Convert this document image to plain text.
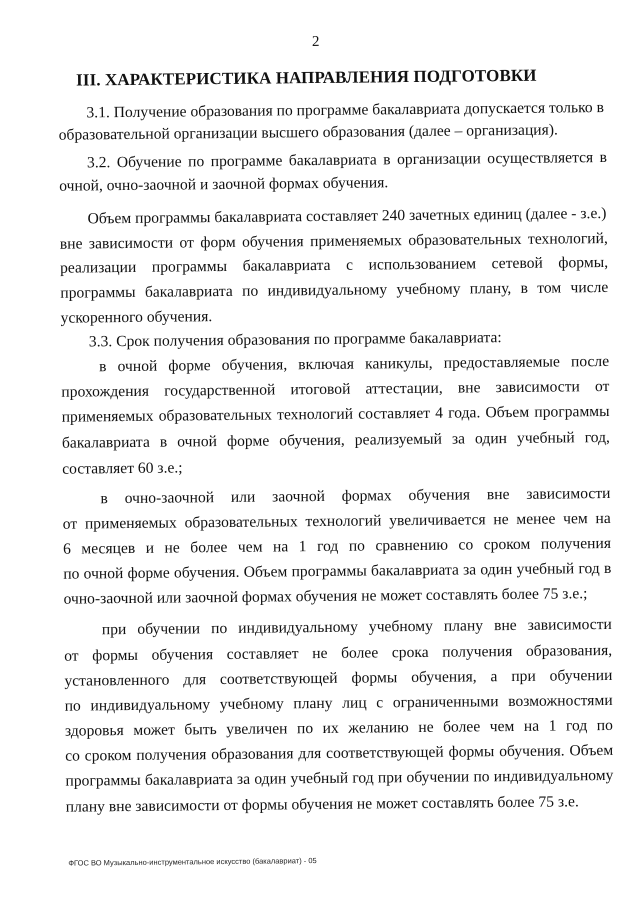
2
III. ХАРАКТЕРИСТИКА НАПРАВЛЕНИЯ ПОДГОТОВКИ
3.1. Получение образования по программе бакалавриата допускается только в
образовательной организации высшего образования (далее – организация).
3.2. Обучение по программе бакалавриата в организации осуществляется в
очной, очно-заочной и заочной формах обучения.
Объем программы бакалавриата составляет 240 зачетных единиц (далее - з.е.)
вне зависимости от форм обучения применяемых образовательных технологий,
реализации программы бакалавриата с использованием сетевой формы,
программы бакалавриата по индивидуальному учебному плану, в том числе
ускоренного обучения.
3.3. Срок получения образования по программе бакалавриата:
в очной форме обучения, включая каникулы, предоставляемые после
прохождения государственной итоговой аттестации, вне зависимости от
применяемых образовательных технологий составляет 4 года. Объем программы
бакалавриата в очной форме обучения, реализуемый за один учебный год,
составляет 60 з.е.;
в очно-заочной или заочной формах обучения вне зависимости
от применяемых образовательных технологий увеличивается не менее чем на
6 месяцев и не более чем на 1 год по сравнению со сроком получения
по очной форме обучения. Объем программы бакалавриата за один учебный год в
очно-заочной или заочной формах обучения не может составлять более 75 з.е.;
при обучении по индивидуальному учебному плану вне зависимости
от формы обучения составляет не более срока получения образования,
установленного для соответствующей формы обучения, а при обучении
по индивидуальному учебному плану лиц с ограниченными возможностями
здоровья может быть увеличен по их желанию не более чем на 1 год по
со сроком получения образования для соответствующей формы обучения. Объем
программы бакалавриата за один учебный год при обучении по индивидуальному
плану вне зависимости от формы обучения не может составлять более 75 з.е.
ФГОС ВО Музыкально-инструментальное искусство (бакалавриат) - 05
